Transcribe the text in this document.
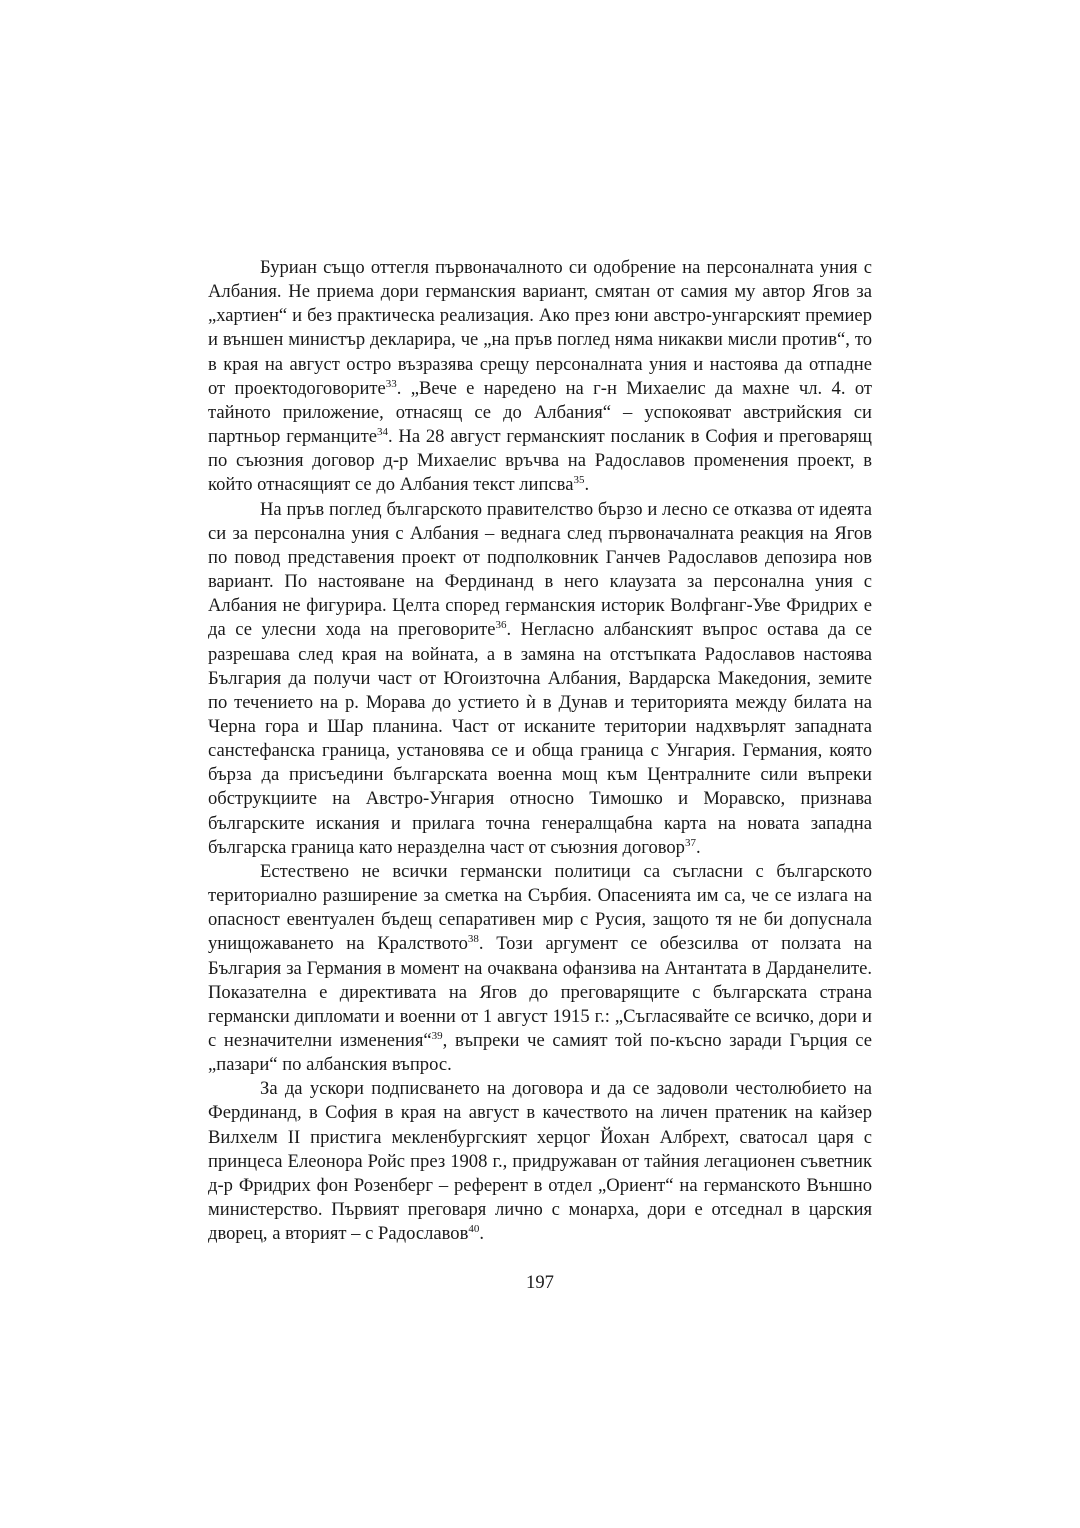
Буриан също оттегля първоначалното си одобрение на персоналната уния с Албания. Не приема дори германския вариант, смятан от самия му автор Ягов за „хартиен“ и без практическа реализация. Ако през юни австро-унгарският премиер и външен министър декларира, че „на пръв поглед няма никакви мисли против“, то в края на август остро възразява срещу персоналната уния и настоява да отпадне от проектодоговорите$^{33}$. „Вече е наредено на г-н Михаелис да махне чл. 4. от тайното приложение, отнасящ се до Албания“ – успокояват австрийския си партньор германците$^{34}$. На 28 август германският посланик в София и преговарящ по съюзния договор д-р Михаелис връчва на Радославов променения проект, в който отнасящият се до Албания текст липсва$^{35}$.

На пръв поглед българското правителство бързо и лесно се отказва от идеята си за персонална уния с Албания – веднага след първоначалната реакция на Ягов по повод представения проект от подполковник Ганчев Радославов депозира нов вариант. По настояване на Фердинанд в него клаузата за персонална уния с Албания не фигурира. Целта според германския историк Волфганг-Уве Фридрих е да се улесни хода на преговорите$^{36}$. Негласно албанският въпрос остава да се разрешава след края на войната, а в замяна на отстъпката Радославов настоява България да получи част от Югоизточна Албания, Вардарска Македония, земите по течението на р. Морава до устието ѝ в Дунав и територията между билата на Черна гора и Шар планина. Част от исканите територии надхвърлят западната санстефанска граница, установява се и обща граница с Унгария. Германия, която бърза да присъедини българската военна мощ към Централните сили въпреки обструкциите на Австро-Унгария относно Тимошко и Моравско, признава българските искания и прилага точна генералщабна карта на новата западна българска граница като неразделна част от съюзния договор$^{37}$.

Естествено не всички германски политици са съгласни с българското териториално разширение за сметка на Сърбия. Опасенията им са, че се излага на опасност евентуален бъдещ сепаративен мир с Русия, защото тя не би допуснала унищожаването на Кралството$^{38}$. Този аргумент се обезсилва от ползата на България за Германия в момент на очаквана офанзива на Антантата в Дарданелите. Показателна е директивата на Ягов до преговарящите с българската страна германски дипломати и военни от 1 август 1915 г.: „Съгласявайте се всичко, дори и с незначителни изменения“$^{39}$, въпреки че самият той по-късно заради Гърция се „пазари“ по албанския въпрос.

За да ускори подписването на договора и да се задоволи честолюбието на Фердинанд, в София в края на август в качеството на личен пратеник на кайзер Вилхелм II пристига мекленбургският херцог Йохан Албрехт, сватосал царя с принцеса Елеонора Ройс през 1908 г., придружаван от тайния легационен съветник д-р Фридрих фон Розенберг – референт в отдел „Ориент“ на германското Външно министерство. Първият преговаря лично с монарха, дори е отседнал в царския дворец, а вторият – с Радославов$^{40}$.

197
